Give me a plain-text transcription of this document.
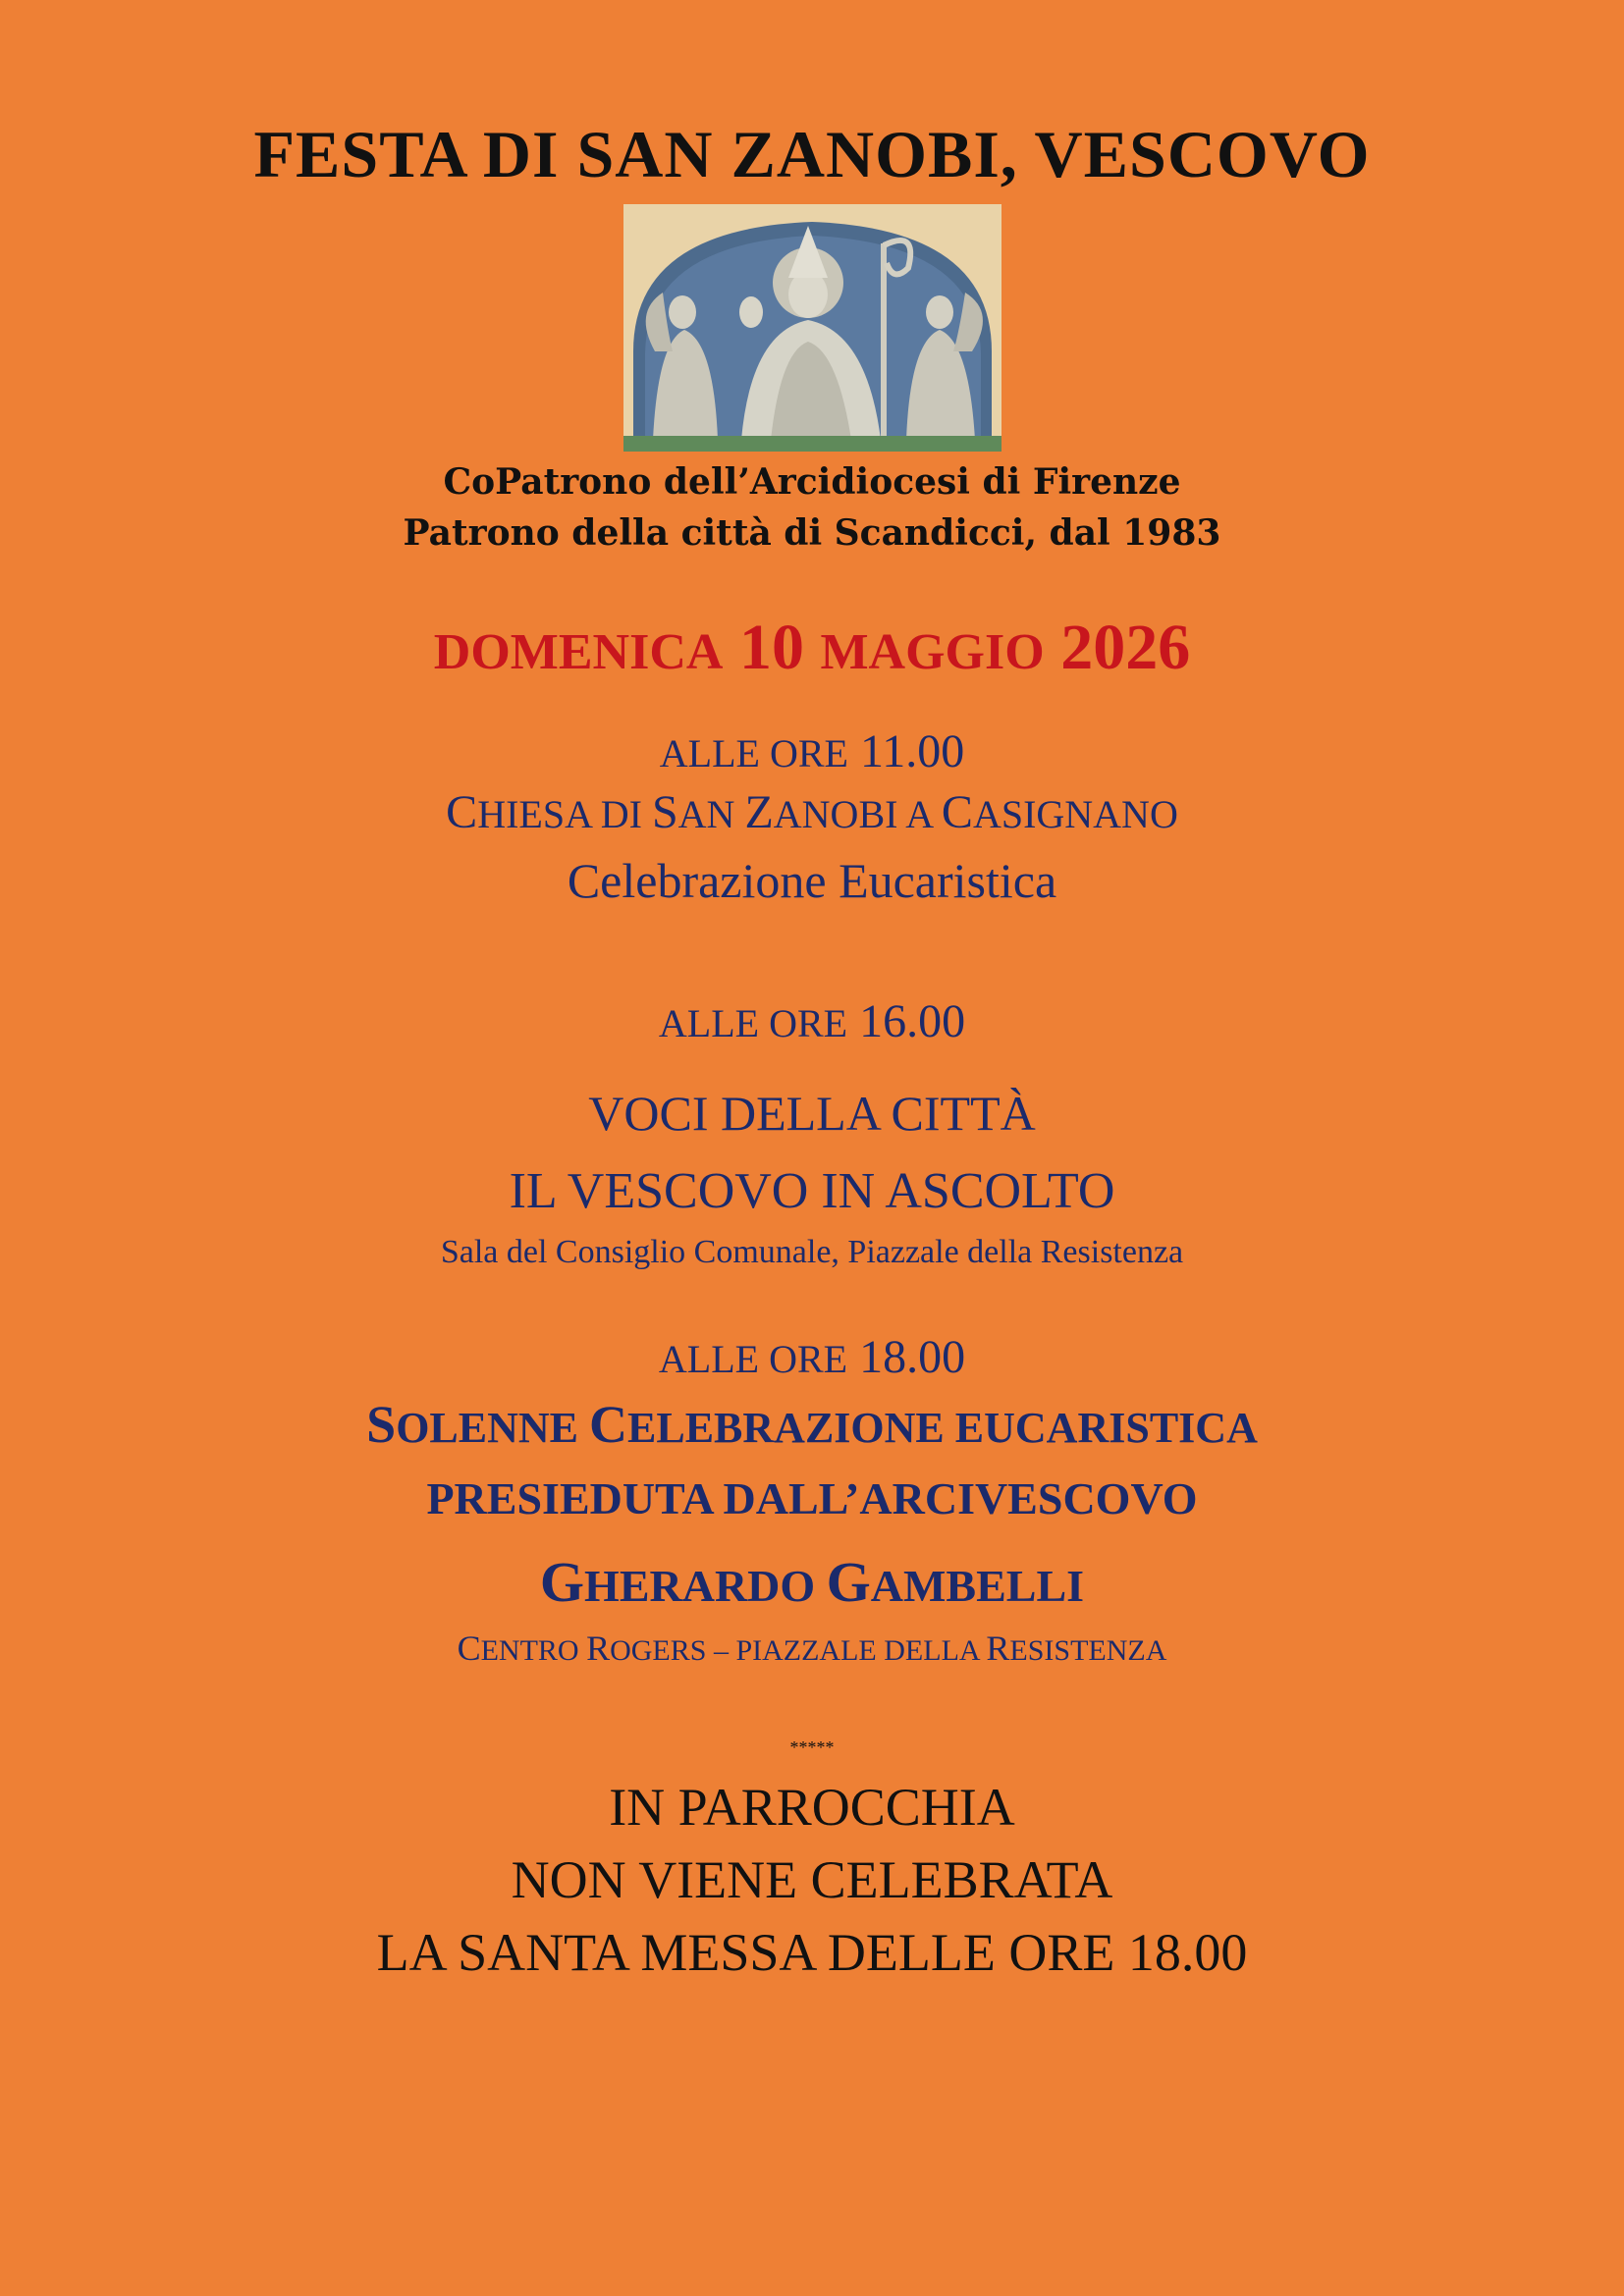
FESTA DI SAN ZANOBI, VESCOVO
CoPatrono dell’Arcidiocesi di Firenze
Patrono della città di Scandicci, dal 1983
DOMENICA 10 MAGGIO 2026
ALLE ORE 11.00
CHIESA DI SAN ZANOBI A CASIGNANO
Celebrazione Eucaristica
ALLE ORE 16.00
VOCI DELLA CITTÀ
IL VESCOVO IN ASCOLTO
Sala del Consiglio Comunale, Piazzale della Resistenza
ALLE ORE 18.00
SOLENNE CELEBRAZIONE EUCARISTICA
PRESIEDUTA DALL’ARCIVESCOVO
GHERARDO GAMBELLI
CENTRO ROGERS – PIAZZALE DELLA RESISTENZA
*****
IN PARROCCHIA
NON VIENE CELEBRATA
LA SANTA MESSA DELLE ORE 18.00
